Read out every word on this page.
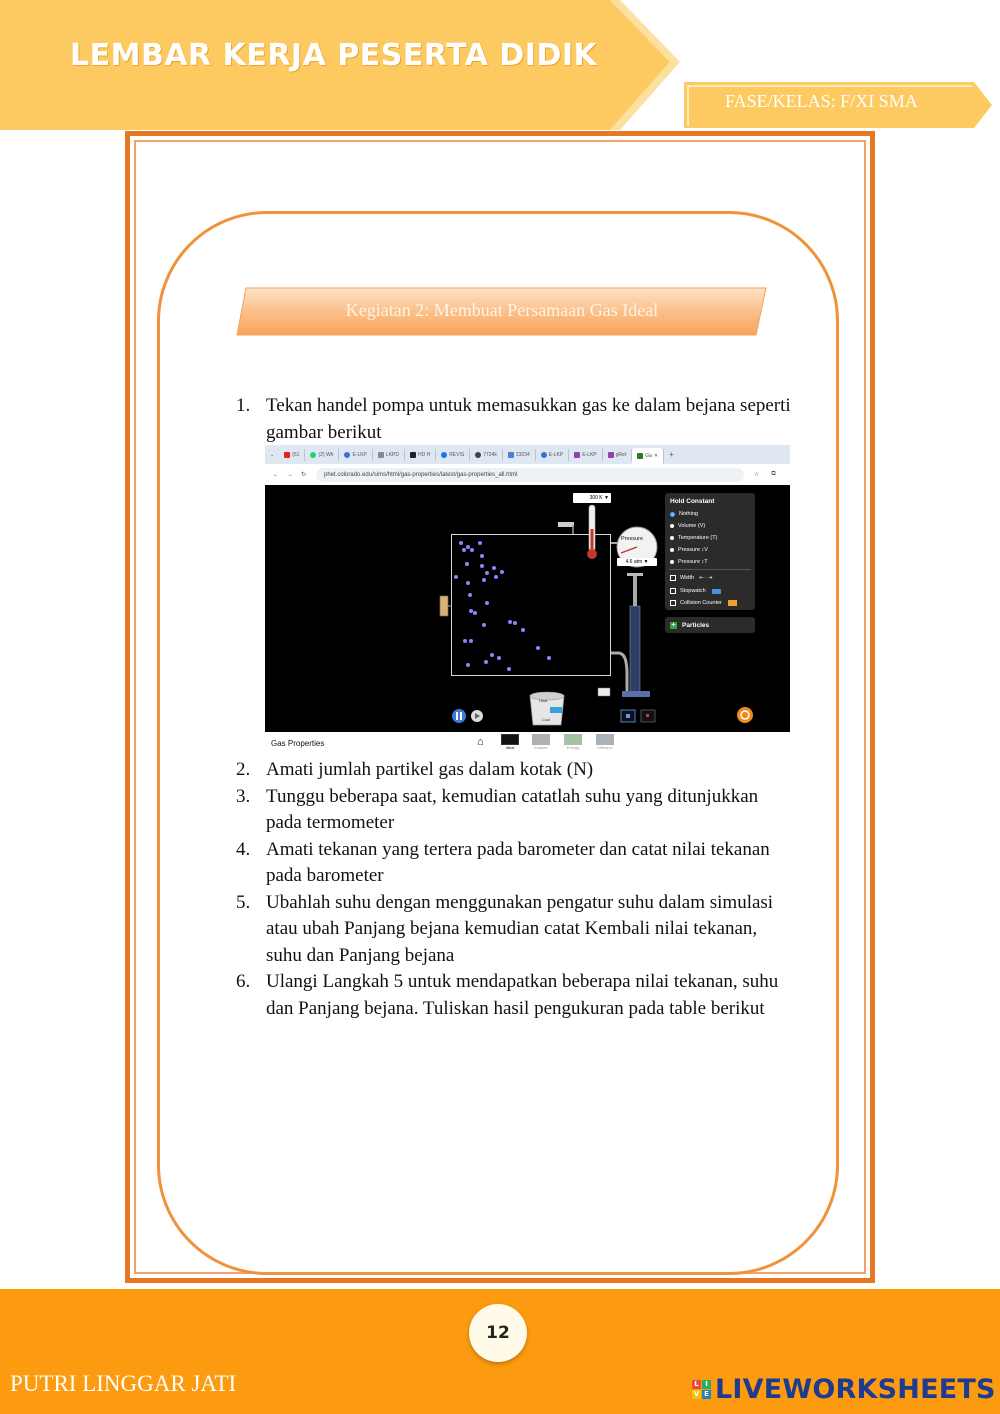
LEMBAR KERJA PESERTA DIDIK
FASE/KELAS: F/XI SMA
Kegiatan 2: Membuat Persamaan Gas Ideal
1. Tekan handel pompa untuk memasukkan gas ke dalam bejana seperti gambar berikut
⌄	(51	(2) Wh	E-LKP	LKPD	HD H	REVIS	7724k	23234	E-LKP	E-LKP	gRet	Ga ✕	+
← → ↻	phet.colorado.edu/sims/html/gas-properties/latest/gas-properties_all.html	☆ ⧉
300 K ▼
Pressure
4.6 atm ▼
Heat
Cool
Hold Constant
Nothing
Volume (V)
Temperature (T)
Pressure ↕V
Pressure ↕T
Width ⇤ · ⇥
Stopwatch
Collision Counter
+ Particles
Gas Properties	⌂	Ideal	Explore	Energy	Diffusion
2. Amati jumlah partikel gas dalam kotak (N)
3. Tunggu beberapa saat, kemudian catatlah suhu yang ditunjukkan pada termometer
4. Amati tekanan yang tertera pada barometer dan catat nilai tekanan pada barometer
5. Ubahlah suhu dengan menggunakan pengatur suhu dalam simulasi atau ubah Panjang bejana kemudian catat Kembali nilai tekanan, suhu dan Panjang bejana
6. Ulangi Langkah 5 untuk mendapatkan beberapa nilai tekanan, suhu dan Panjang bejana. Tuliskan hasil pengukuran pada table berikut
12
PUTRI LINGGAR JATI	L I
V E LIVEWORKSHEETS
